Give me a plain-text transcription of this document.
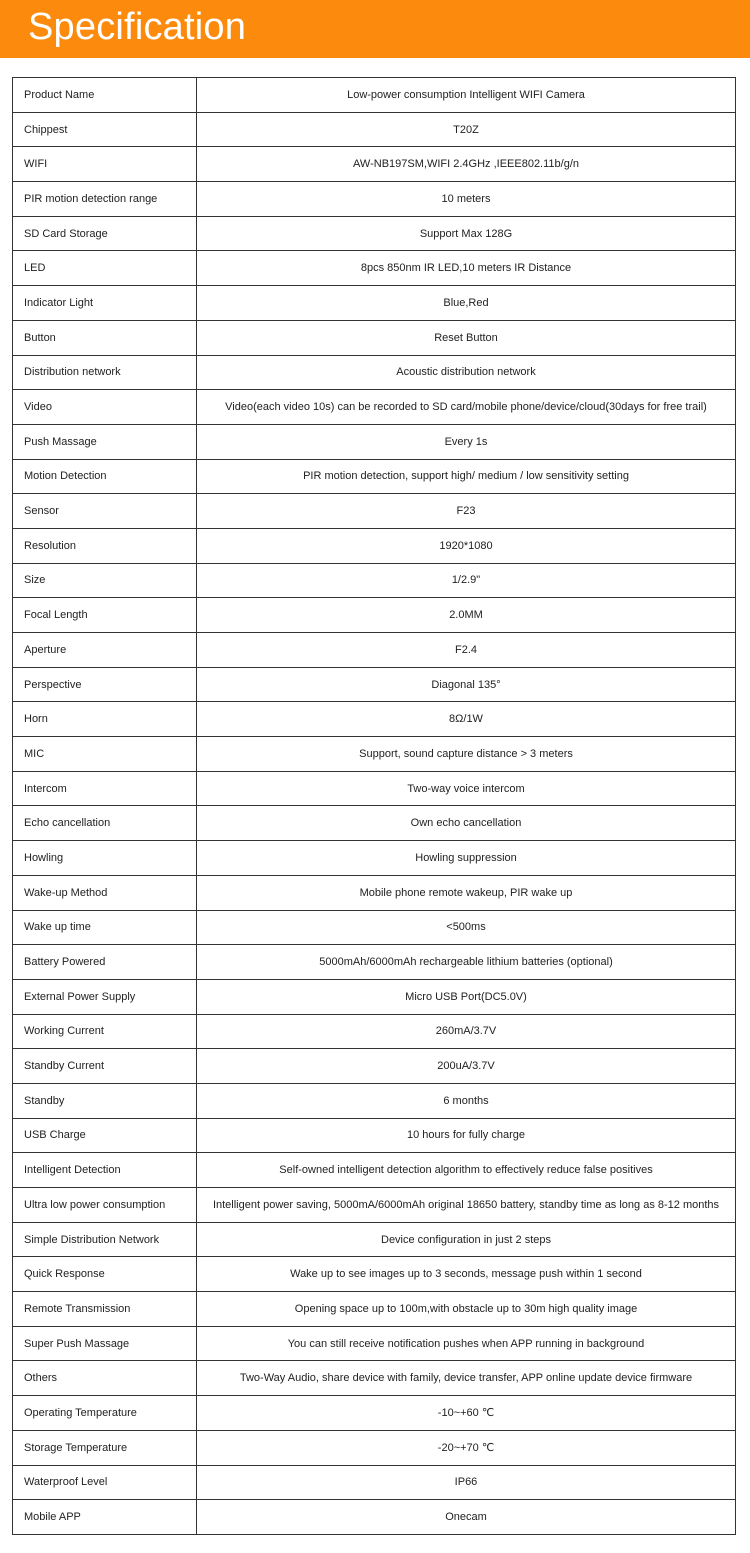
Specification
Product Name	Low-power consumption Intelligent WIFI Camera
Chippest	T20Z
WIFI	AW-NB197SM,WIFI 2.4GHz ,IEEE802.11b/g/n
PIR motion detection range	10 meters
SD Card Storage	Support Max 128G
LED	8pcs 850nm IR LED,10 meters IR Distance
Indicator Light	Blue,Red
Button	Reset Button
Distribution network	Acoustic distribution network
Video	Video(each video 10s) can be recorded to SD card/mobile phone/device/cloud(30days for free trail)
Push Massage	Every 1s
Motion Detection	PIR motion detection, support high/ medium / low sensitivity setting
Sensor	F23
Resolution	1920*1080
Size	1/2.9"
Focal Length	2.0MM
Aperture	F2.4
Perspective	Diagonal 135°
Horn	8Ω/1W
MIC	Support, sound capture distance > 3 meters
Intercom	Two-way voice intercom
Echo cancellation	Own echo cancellation
Howling	Howling suppression
Wake-up Method	Mobile phone remote wakeup, PIR wake up
Wake up time	<500ms
Battery Powered	5000mAh/6000mAh rechargeable lithium batteries (optional)
External Power Supply	Micro USB Port(DC5.0V)
Working Current	260mA/3.7V
Standby Current	200uA/3.7V
Standby	6 months
USB Charge	10 hours for fully charge
Intelligent Detection	Self-owned intelligent detection algorithm to effectively reduce false positives
Ultra low power consumption	Intelligent power saving, 5000mA/6000mAh original 18650 battery, standby time as long as 8-12 months
Simple Distribution Network	Device configuration in just 2 steps
Quick Response	Wake up to see images up to 3 seconds, message push within 1 second
Remote Transmission	Opening space up to 100m,with obstacle up to 30m high quality image
Super Push Massage	You can still receive notification pushes when APP running in background
Others	Two-Way Audio, share device with family, device transfer, APP online update device firmware
Operating Temperature	-10~+60 ℃
Storage Temperature	-20~+70 ℃
Waterproof Level	IP66
Mobile APP	Onecam
